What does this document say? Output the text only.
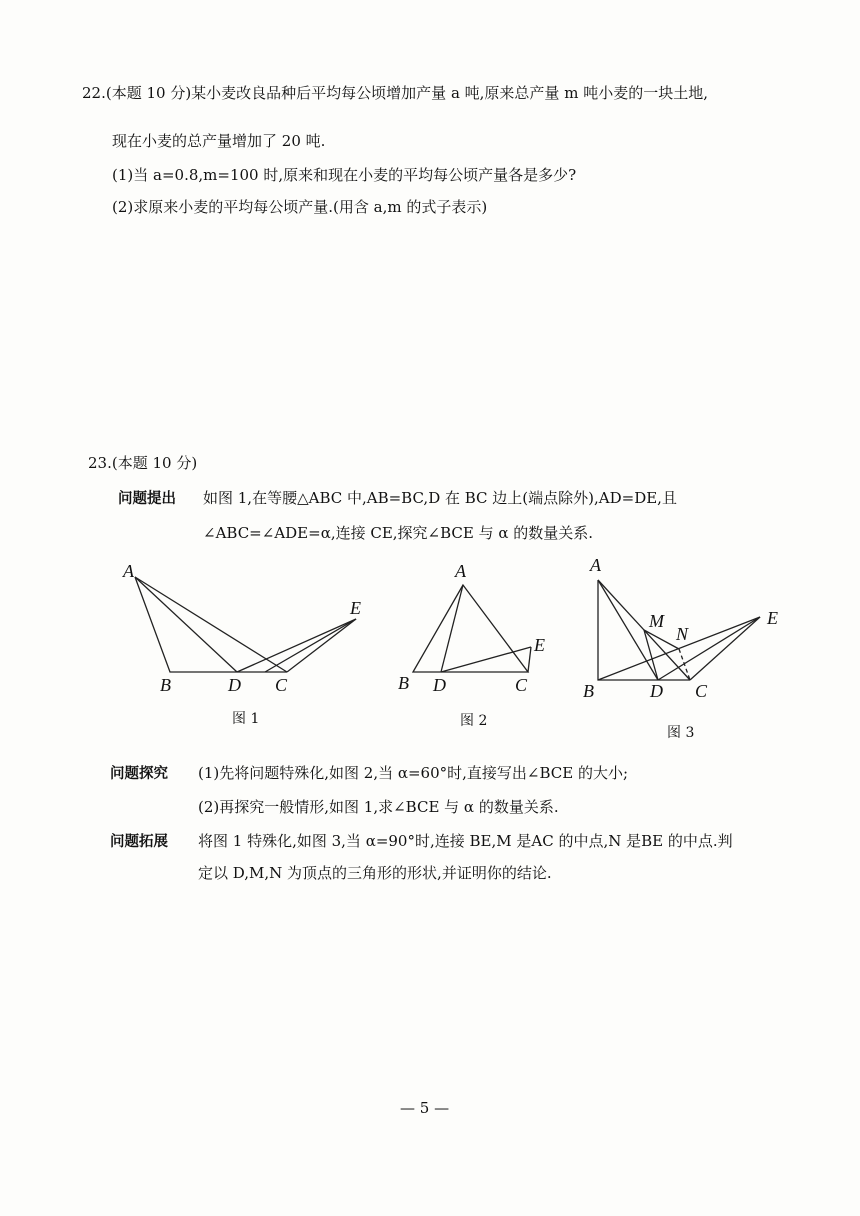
22.(本题 10 分)某小麦改良品种后平均每公顷增加产量 a 吨,原来总产量 m 吨小麦的一块土地,
现在小麦的总产量增加了 20 吨.
(1)当 a=0.8,m=100 时,原来和现在小麦的平均每公顷产量各是多少?
(2)求原来小麦的平均每公顷产量.(用含 a,m 的式子表示)
23.(本题 10 分)
问题提出 如图 1,在等腰△ABC 中,AB=BC,D 在 BC 边上(端点除外),AD=DE,且
∠ABC=∠ADE=α,连接 CE,探究∠BCE 与 α 的数量关系.
A
B	D C
E
图 1
A
B D	C
E
图 2
A
B	D C
E
M
N
图 3
问题探究 (1)先将问题特殊化,如图 2,当 α=60°时,直接写出∠BCE 的大小;
(2)再探究一般情形,如图 1,求∠BCE 与 α 的数量关系.
问题拓展 将图 1 特殊化,如图 3,当 α=90°时,连接 BE,M 是AC 的中点,N 是BE 的中点.判
定以 D,M,N 为顶点的三角形的形状,并证明你的结论.
— 5 —
